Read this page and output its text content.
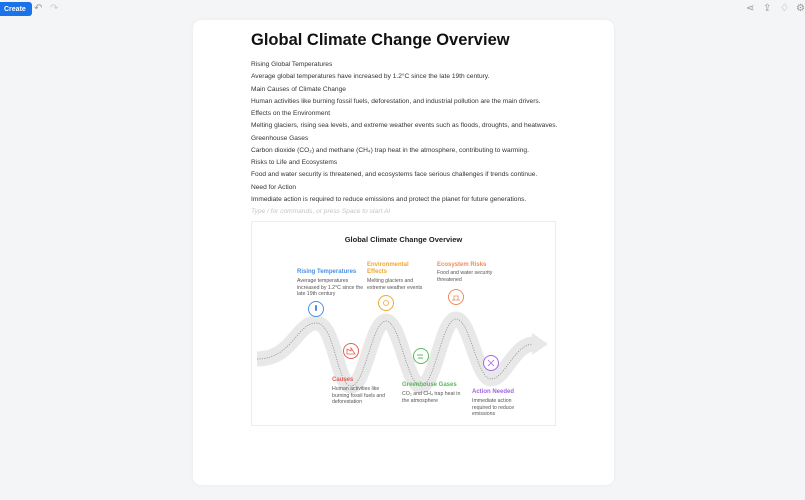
Create ↶ ↷	⋖ ⇪ ♢ ⚙
Global Climate Change Overview
Rising Global Temperatures
Average global temperatures have increased by 1.2°C since the late 19th century.
Main Causes of Climate Change
Human activities like burning fossil fuels, deforestation, and industrial pollution are the main drivers.
Effects on the Environment
Melting glaciers, rising sea levels, and extreme weather events such as floods, droughts, and heatwaves.
Greenhouse Gases
Carbon dioxide (CO₂) and methane (CH₄) trap heat in the atmosphere, contributing to warming.
Risks to Life and Ecosystems
Food and water security is threatened, and ecosystems face serious challenges if trends continue.
Need for Action
Immediate action is required to reduce emissions and protect the planet for future generations.
Type / for commands, or press Space to start AI
Global Climate Change Overview
Rising Temperatures
Average temperatures increased by 1.2°C since the late 19th century
Causes
Human activities like burning fossil fuels and deforestation
Environmental Effects
Melting glaciers and extreme weather events
Greenhouse Gases
CO₂ and CH₄ trap heat in the atmosphere
Ecosystem Risks
Food and water security threatened
Action Needed
Immediate action required to reduce emissions
